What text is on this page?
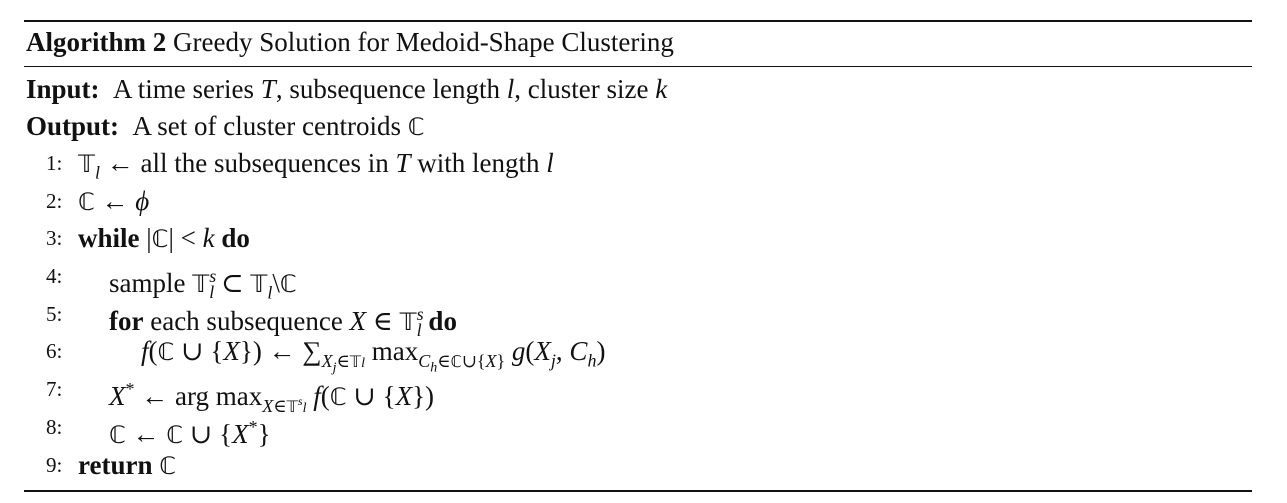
Algorithm 2 Greedy Solution for Medoid-Shape Clustering
Input:  A time series T, subsequence length l, cluster size k
Output:  A set of cluster centroids ℂ
1: 𝕋$_l$ ← all the subsequences in T with length l
2: ℂ ← ϕ
3: while |ℂ| < k do
4:	sample 𝕋$^s_l$ ⊂ 𝕋$_l$\ℂ
5:	for each subsequence X ∈ 𝕋$^s_l$ do
6:	f(ℂ ∪ {X}) ← $\sum_{X_j\in 𝕋l}$ $\max_{C_h\in ℂ\cup\{X\}} g(X_j$, $C_h$)
7:	X* ← arg $\max_{X\in 𝕋^sl}$ f(ℂ ∪ {X})
8:	ℂ ← ℂ ∪ {X*}
9: return ℂ
